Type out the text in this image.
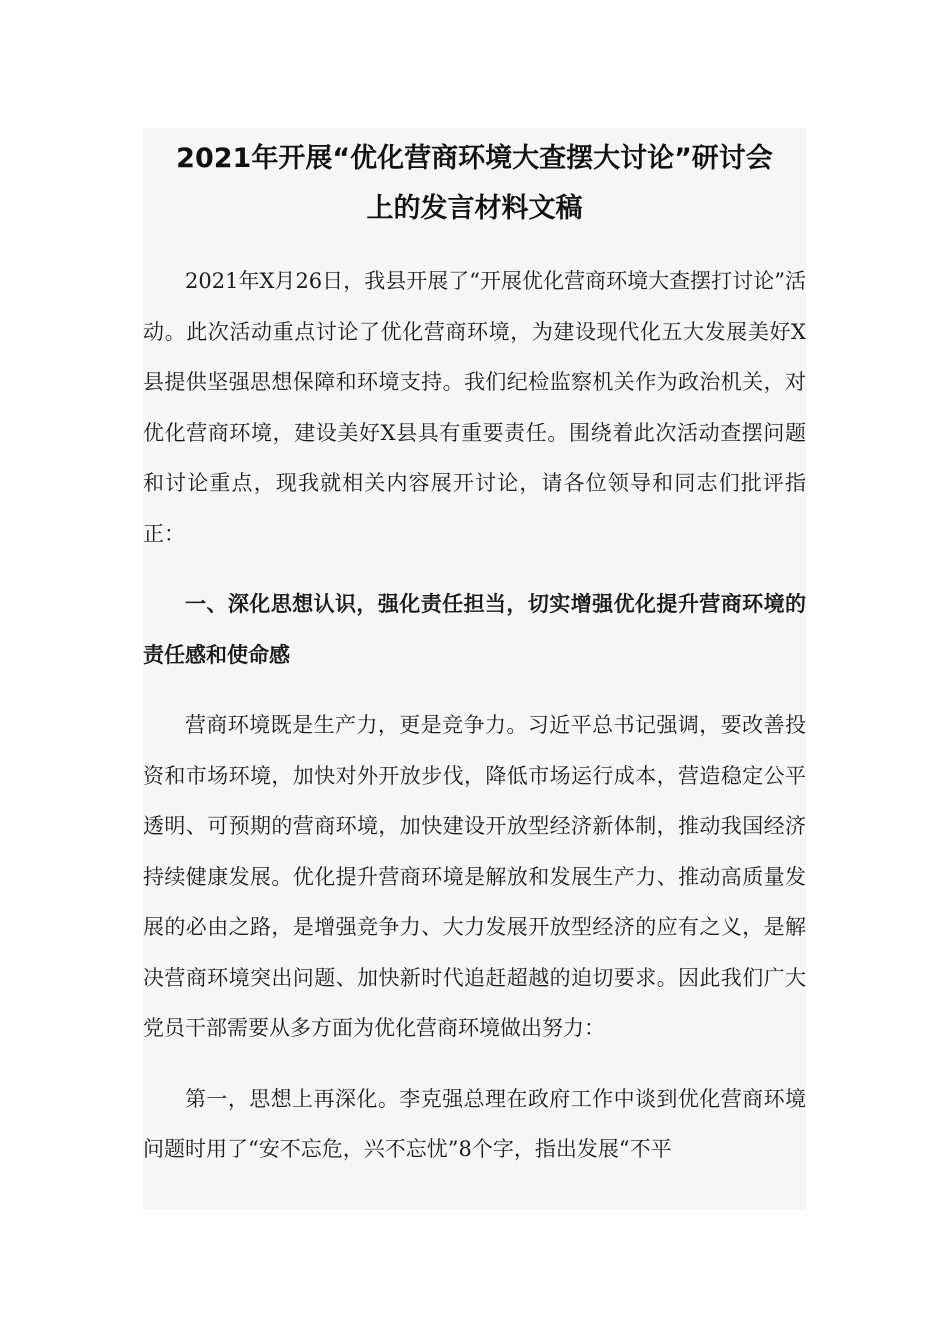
2021年开展“优化营商环境大查摆大讨论”研讨会
上的发言材料文稿

2021年X月26日，我县开展了“开展优化营商环境大查摆打讨论”活动。此次活动重点讨论了优化营商环境，为建设现代化五大发展美好X县提供坚强思想保障和环境支持。我们纪检监察机关作为政治机关，对优化营商环境，建设美好X县具有重要责任。围绕着此次活动查摆问题和讨论重点，现我就相关内容展开讨论，请各位领导和同志们批评指正：

一、深化思想认识，强化责任担当，切实增强优化提升营商环境的责任感和使命感

营商环境既是生产力，更是竞争力。习近平总书记强调，要改善投资和市场环境，加快对外开放步伐，降低市场运行成本，营造稳定公平透明、可预期的营商环境，加快建设开放型经济新体制，推动我国经济持续健康发展。优化提升营商环境是解放和发展生产力、推动高质量发展的必由之路，是增强竞争力、大力发展开放型经济的应有之义，是解决营商环境突出问题、加快新时代追赶超越的迫切要求。因此我们广大党员干部需要从多方面为优化营商环境做出努力：

第一，思想上再深化。李克强总理在政府工作中谈到优化营商环境问题时用了“安不忘危，兴不忘忧”8个字，指出发展“不平
